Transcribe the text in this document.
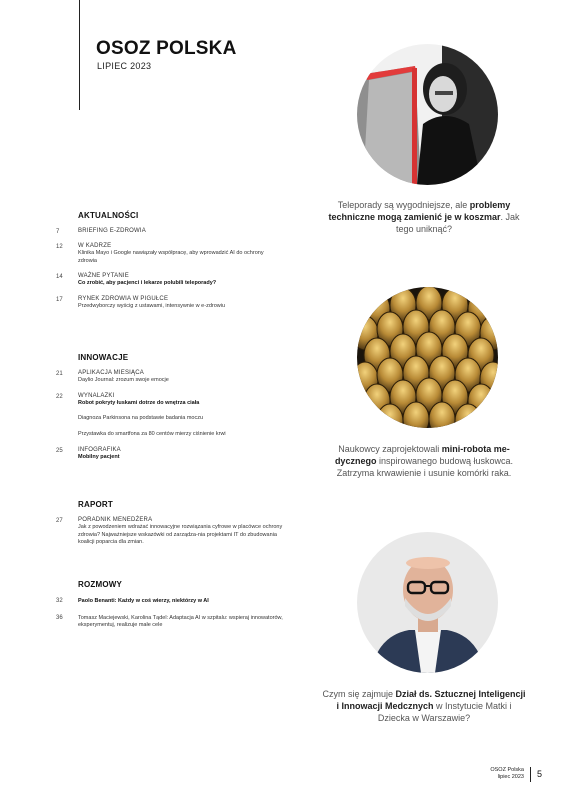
OSOZ POLSKA
LIPIEC 2023
AKTUALNOŚCI
7	BRIEFING E-ZDROWIA
12	W KADRZE
Klinika Mayo i Google nawiązały współpracę, aby wprowadzić AI do ochrony zdrowia
14	WAŻNE PYTANIE
Co zrobić, aby pacjenci i lekarze polubili teleporady?
17	RYNEK ZDROWIA W PIGUŁCE
Przedwyborczy wyścig z ustawami, intensywnie w e-zdrowiu
INNOWACJE
21	APLIKACJA MIESIĄCA
Daylio Journal: zrozum swoje emocje
22	WYNALAZKI
Robot pokryty łuskami dotrze do wnętrza ciała
Diagnoza Parkinsona na podstawie badania moczu
Przystawka do smartfona za 80 centów mierzy ciśnienie krwi
25	INFOGRAFIKA
Mobilny pacjent
RAPORT
27	PORADNIK MENEDŻERA
Jak z powodzeniem wdrażać innowacyjne rozwiązania cyfrowe w placówce ochrony zdrowia? Najważniejsze wskazówki od zarządza-nia projektami IT do zbudowania koalicji poparcia dla zmian.
ROZMOWY
32	Paolo Benanti: Każdy w coś wierzy, niektórzy w AI
36	Tomasz Maciejewski, Karolina Tądel: Adaptacja AI w szpitalu: wspieraj innowatorów, eksperymentuj, realizuje małe cele
Teleporady są wygodniejsze, ale problemy techniczne mogą zamienić je w koszmar. Jak tego uniknąć?
Naukowcy zaprojektowali mini-robota me-dycznego inspirowanego budową łuskowca. Zatrzyma krwawienie i usunie komórki raka.
Czym się zajmuje Dział ds. Sztucznej Inteligencji i Innowacji Medcznych w Instytucie Matki i Dziecka w Warszawie?
OSOZ Polska
lipiec 2023	5
